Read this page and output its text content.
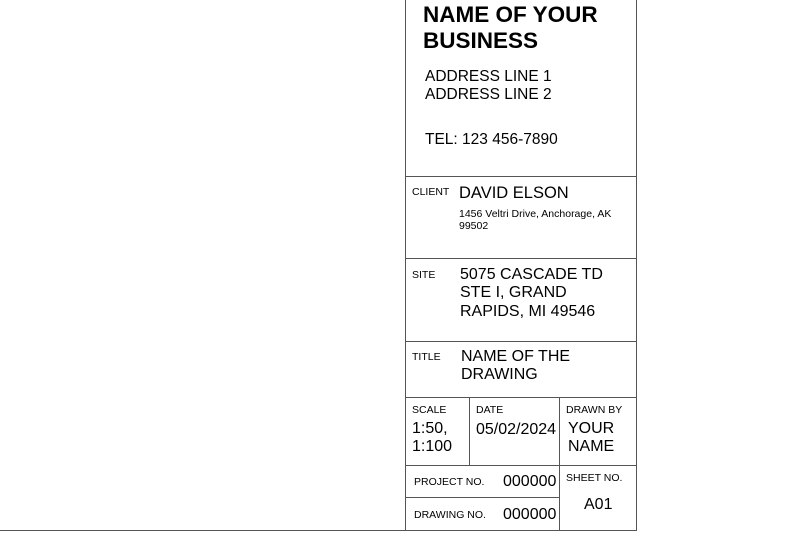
NAME OF YOUR
BUSINESS
ADDRESS LINE 1
ADDRESS LINE 2
TEL: 123 456-7890
CLIENT DAVID ELSON
1456 Veltri Drive, Anchorage, AK
99502
SITE 5075 CASCADE TD
STE I, GRAND
RAPIDS, MI 49546
TITLE NAME OF THE
DRAWING
SCALE
1:50,
1:100
DATE
05/02/2024
DRAWN BY
YOUR
NAME
PROJECT NO. 000000
DRAWING NO. 000000
SHEET NO.
A01
